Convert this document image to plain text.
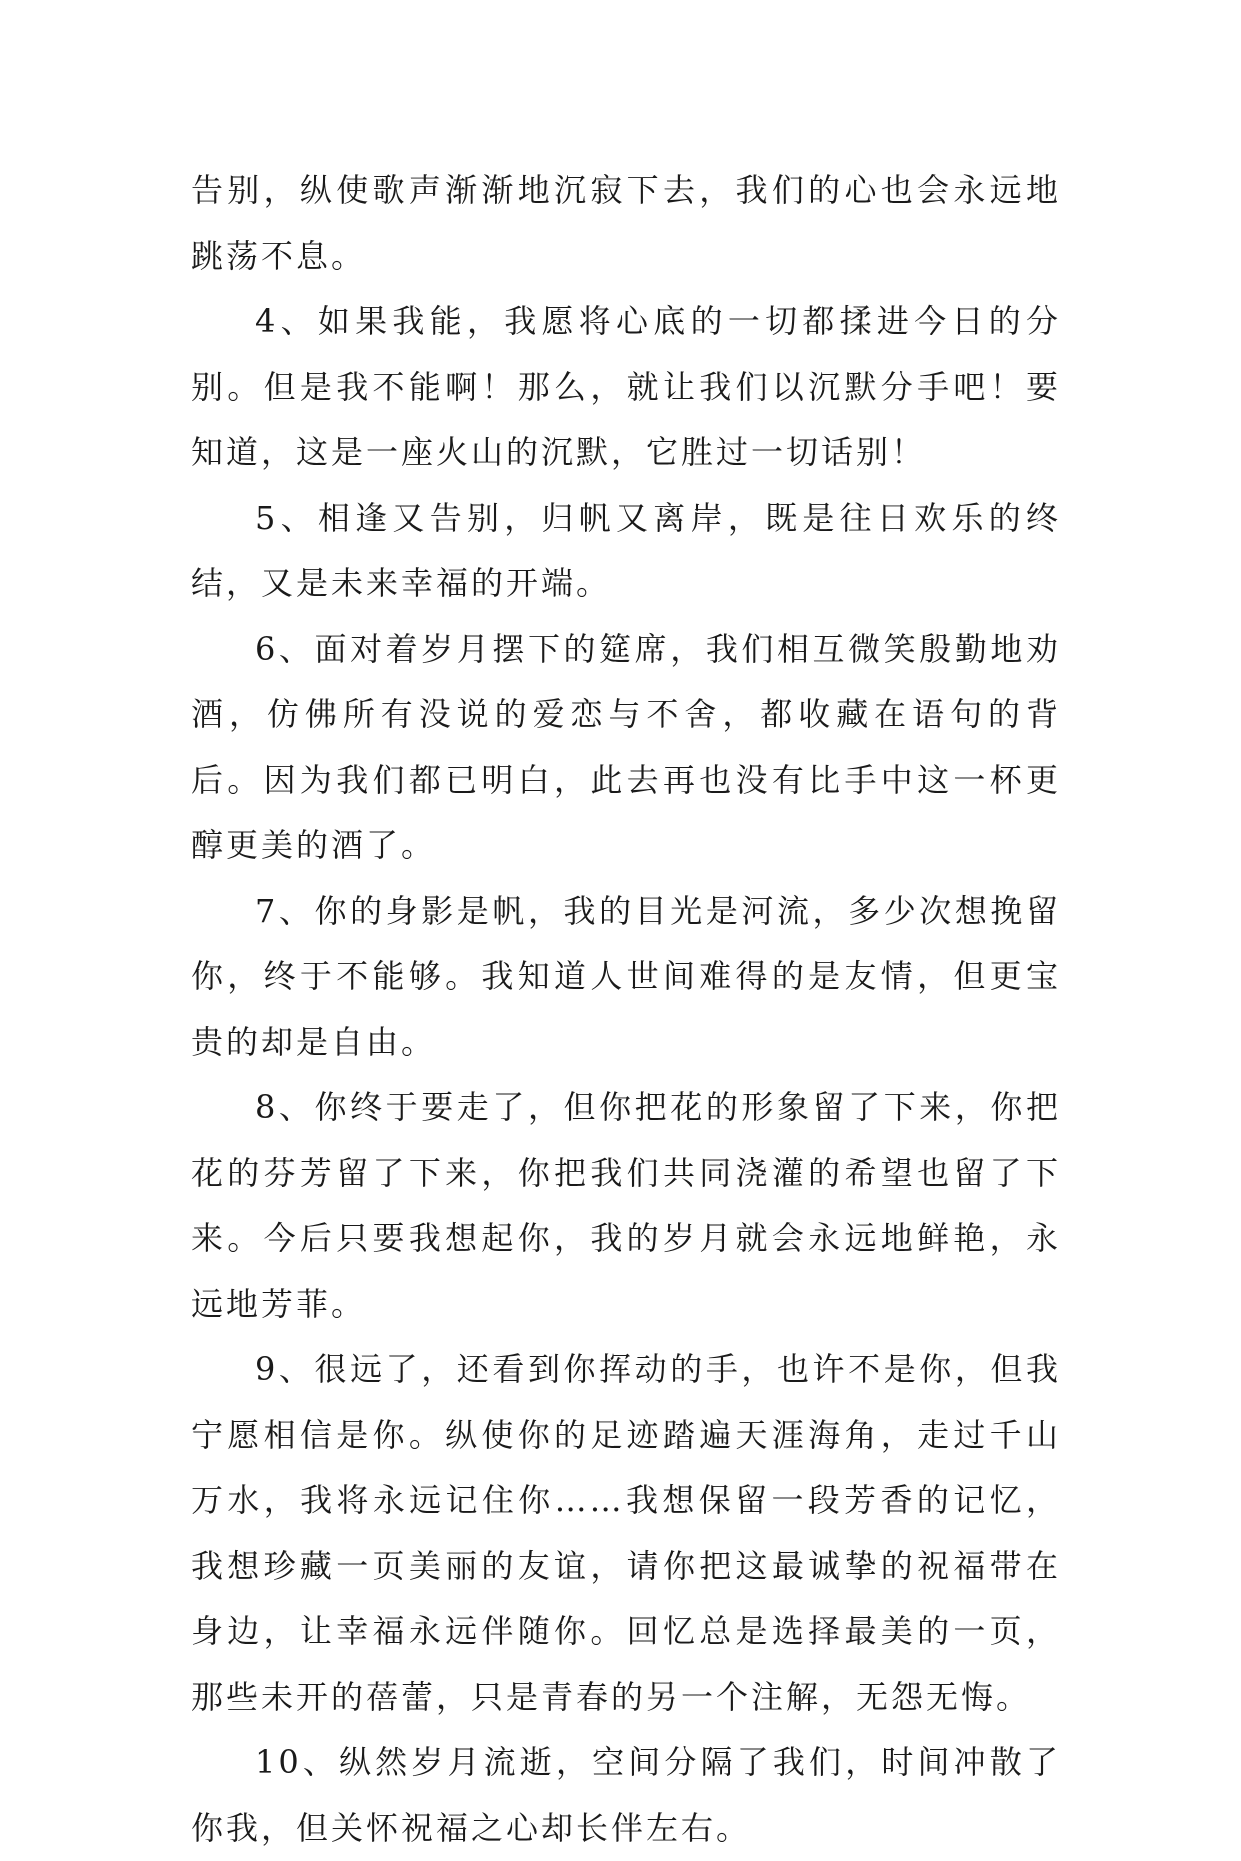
告别，纵使歌声渐渐地沉寂下去，我们的心也会永远地跳荡不息。

4、如果我能，我愿将心底的一切都揉进今日的分别。但是我不能啊！那么，就让我们以沉默分手吧！要知道，这是一座火山的沉默，它胜过一切话别！

5、相逢又告别，归帆又离岸，既是往日欢乐的终结，又是未来幸福的开端。

6、面对着岁月摆下的筵席，我们相互微笑殷勤地劝酒，仿佛所有没说的爱恋与不舍，都收藏在语句的背后。因为我们都已明白，此去再也没有比手中这一杯更醇更美的酒了。

7、你的身影是帆，我的目光是河流，多少次想挽留你，终于不能够。我知道人世间难得的是友情，但更宝贵的却是自由。

8、你终于要走了，但你把花的形象留了下来，你把花的芬芳留了下来，你把我们共同浇灌的希望也留了下来。今后只要我想起你，我的岁月就会永远地鲜艳，永远地芳菲。

9、很远了，还看到你挥动的手，也许不是你，但我宁愿相信是你。纵使你的足迹踏遍天涯海角，走过千山万水，我将永远记住你……我想保留一段芳香的记忆，我想珍藏一页美丽的友谊，请你把这最诚挚的祝福带在身边，让幸福永远伴随你。回忆总是选择最美的一页，那些未开的蓓蕾，只是青春的另一个注解，无怨无悔。

10、纵然岁月流逝，空间分隔了我们，时间冲散了你我，但关怀祝福之心却长伴左右。
